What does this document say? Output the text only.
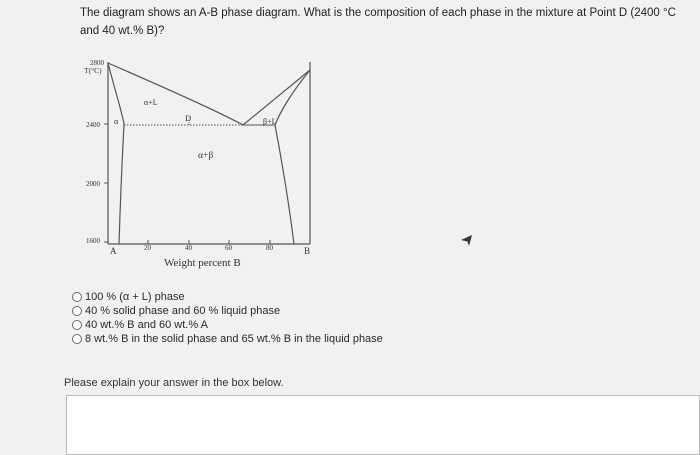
The diagram shows an A-B phase diagram. What is the composition of each phase in the mixture at Point D (2400 °C and 40 wt.% B)?
2800
T(°C)
2400
2000
1600
20	40	60	80
A	B
Weight percent B
α+L
α	D	β+L
α+β
100 % (α + L) phase
40 % solid phase and 60 % liquid phase
40 wt.% B and 60 wt.% A
8 wt.% B in the solid phase and 65 wt.% B in the liquid phase
Please explain your answer in the box below.
